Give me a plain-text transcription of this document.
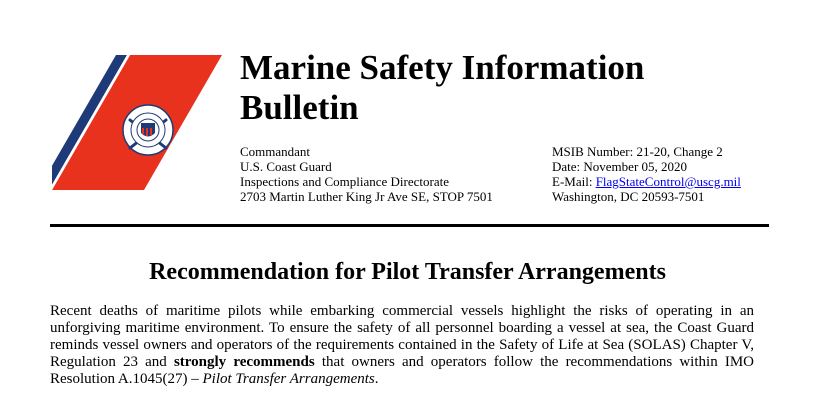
Marine Safety Information
Bulletin
Commandant
U.S. Coast Guard
Inspections and Compliance Directorate
2703 Martin Luther King Jr Ave SE, STOP 7501
MSIB Number: 21-20, Change 2
Date: November 05, 2020
E-Mail: FlagStateControl@uscg.mil
Washington, DC 20593-7501
Recommendation for Pilot Transfer Arrangements

Recent deaths of maritime pilots while embarking commercial vessels highlight the risks of operating in an unforgiving maritime environment. To ensure the safety of all personnel boarding a vessel at sea, the Coast Guard reminds vessel owners and operators of the requirements contained in the Safety of Life at Sea (SOLAS) Chapter V, Regulation 23 and strongly recommends that owners and operators follow the recommendations within IMO Resolution A.1045(27) – Pilot Transfer Arrangements.
